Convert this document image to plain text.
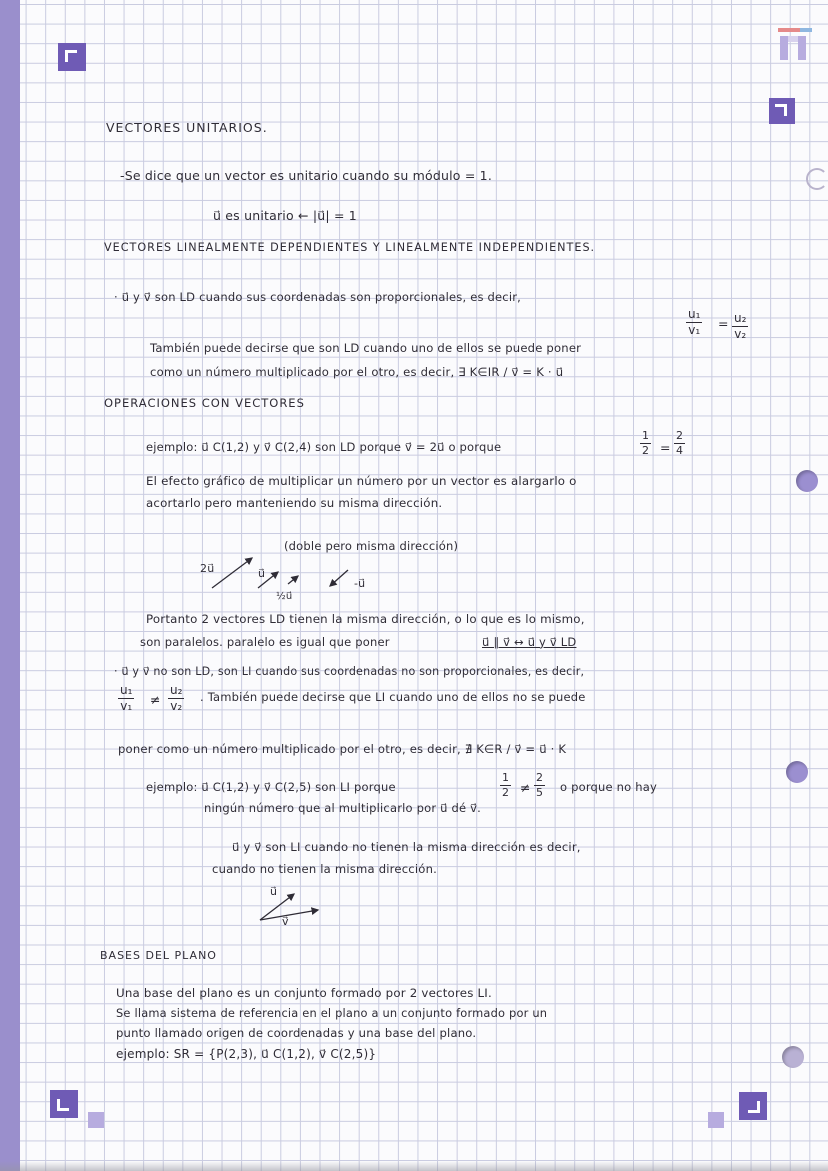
VECTORES UNITARIOS.

-Se dice que un vector es unitario cuando su módulo = 1.

u⃗ es unitario ← |u⃗| = 1

VECTORES LINEALMENTE DEPENDIENTES Y LINEALMENTE INDEPENDIENTES.

· u⃗ y v⃗ son LD cuando sus coordenadas son proporcionales, es decir,

u₁
v₁ = u₂
v₂

También puede decirse que son LD cuando uno de ellos se puede poner

como un número multiplicado por el otro, es decir, ∃ K∈IR / v⃗ = K · u⃗

OPERACIONES CON VECTORES

ejemplo: u⃗ C(1,2) y v⃗ C(2,4) son LD porque v⃗ = 2u⃗ o porque

1
2 =

2
4

El efecto gráfico de multiplicar un número por un vector es alargarlo o

acortarlo pero manteniendo su misma dirección.

(doble pero misma dirección)

2u⃗	u⃗

½u⃗

-u⃗

Portanto 2 vectores LD tienen la misma dirección, o lo que es lo mismo,

son paralelos. paralelo es igual que poner	u⃗ ∥ v⃗ ↔ u⃗ y v⃗ LD

· u⃗ y v⃗ no son LD, son LI cuando sus coordenadas no son proporcionales, es decir,

u₁
v₁ ≠

u₂
v₂

. También puede decirse que LI cuando uno de ellos no se puede

poner como un número multiplicado por el otro, es decir, ∄ K∈R / v⃗ = u⃗ · K

ejemplo: u⃗ C(1,2) y v⃗ C(2,5) son LI porque

1
2 ≠

2
5 o porque no hay

ningún número que al multiplicarlo por u⃗ dé v⃗.

u⃗ y v⃗ son LI cuando no tienen la misma dirección es decir,

cuando no tienen la misma dirección.

u⃗

v⃗

BASES DEL PLANO

Una base del plano es un conjunto formado por 2 vectores LI.

Se llama sistema de referencia en el plano a un conjunto formado por un

punto llamado origen de coordenadas y una base del plano.

ejemplo: SR = {P(2,3), u⃗ C(1,2), v⃗ C(2,5)}
